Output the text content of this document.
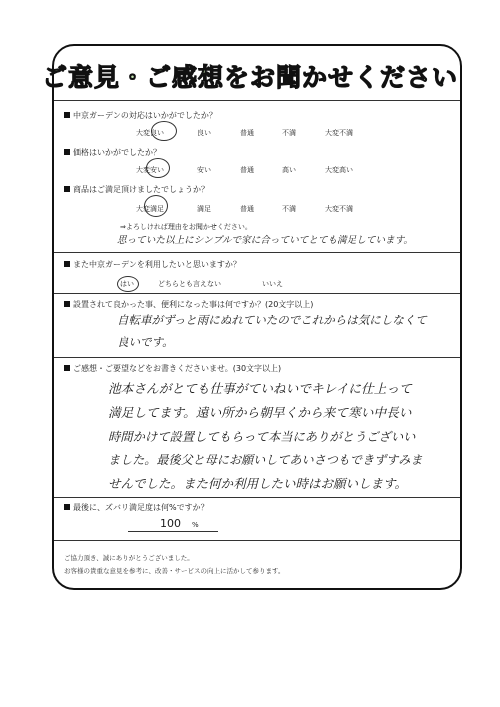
ご意見・ご感想をお聞かせください
中京ガーデンの対応はいかがでしたか？
大変良い	良い	普通	不満	大変不満
価格はいかがでしたか？
大変安い	安い	普通	高い	大変高い
商品はご満足頂けましたでしょうか？
大変満足	満足	普通	不満	大変不満
⇒よろしければ理由をお聞かせください。
思っていた以上にシンプルで家に合っていてとても満足しています。
また中京ガーデンを利用したいと思いますか？
はい	どちらとも言えない	いいえ
設置されて良かった事、便利になった事は何ですか？(20文字以上)
自転車がずっと雨にぬれていたのでこれからは気にしなくて
良いです。
ご感想・ご要望などをお書きくださいませ。(30文字以上)
池本さんがとても仕事がていねいでキレイに仕上って
満足してます。遠い所から朝早くから来て寒い中長い
時間かけて設置してもらって本当にありがとうございい
ました。最後父と母にお願いしてあいさつもできずすみま
せんでした。また何か利用したい時はお願いします。
最後に、ズバリ満足度は何%ですか？
100 %
ご協力頂き、誠にありがとうございました。
お客様の貴重な意見を参考に、改善・サービスの向上に活かして参ります。
